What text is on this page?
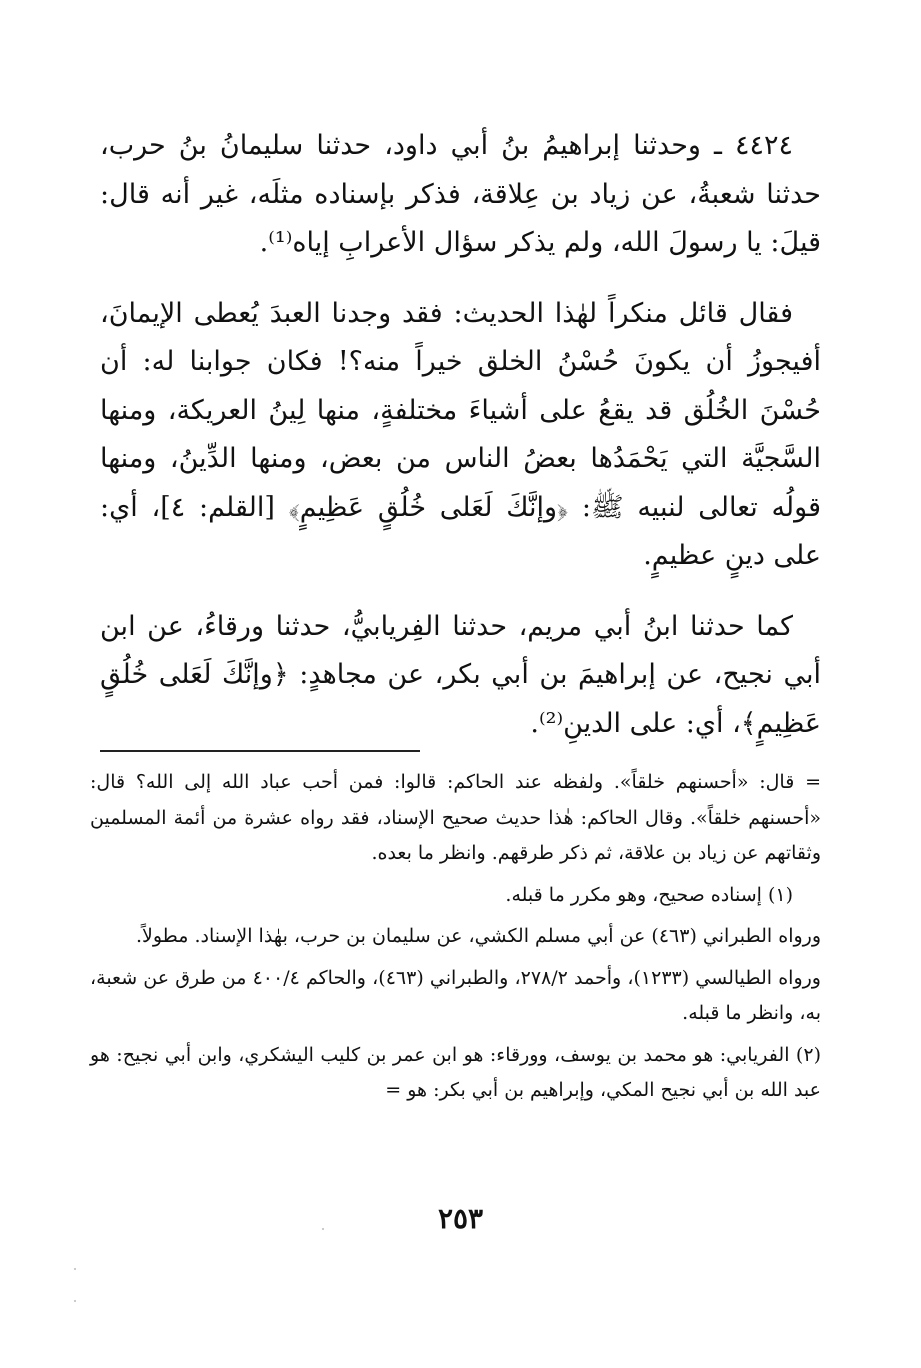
٤٤٢٤ ـ وحدثنا إبراهيمُ بنُ أبي داود، حدثنا سليمانُ بنُ حرب، حدثنا شعبةُ، عن زياد بن عِلاقة، فذكر بإسناده مثلَه، غير أنه قال: قيلَ: يا رسولَ الله، ولم يذكر سؤال الأعرابِ إياه⁽¹⁾.

فقال قائل منكراً لهٰذا الحديث: فقد وجدنا العبدَ يُعطى الإيمانَ، أفيجوزُ أن يكونَ حُسْنُ الخلق خيراً منه؟! فكان جوابنا له: أن حُسْنَ الخُلُق قد يقعُ على أشياءَ مختلفةٍ، منها لِينُ العريكة، ومنها السَّجيَّة التي يَحْمَدُها بعضُ الناس من بعض، ومنها الدِّينُ، ومنها قولُه تعالى لنبيه ﷺ: ﴿وإنَّكَ لَعَلى خُلُقٍ عَظِيمٍ﴾ [القلم: ٤]، أي: على دينٍ عظيمٍ.

كما حدثنا ابنُ أبي مريم، حدثنا الفِريابيُّ، حدثنا ورقاءُ، عن ابن أبي نجيح، عن إبراهيمَ بن أبي بكر، عن مجاهدٍ: ﴿وإنَّكَ لَعَلى خُلُقٍ عَظِيمٍ﴾، أي: على الدينِ⁽²⁾.

= قال: «أحسنهم خلقاً». ولفظه عند الحاكم: قالوا: فمن أحب عباد الله إلى الله؟ قال: «أحسنهم خلقاً». وقال الحاكم: هٰذا حديث صحيح الإسناد، فقد رواه عشرة من أئمة المسلمين وثقاتهم عن زياد بن علاقة، ثم ذكر طرقهم. وانظر ما بعده.

(١) إسناده صحيح، وهو مكرر ما قبله.

ورواه الطبراني (٤٦٣) عن أبي مسلم الكشي، عن سليمان بن حرب، بهٰذا الإسناد. مطولاً.

ورواه الطيالسي (١٢٣٣)، وأحمد ٢٧٨/٢، والطبراني (٤٦٣)، والحاكم ٤٠٠/٤ من طرق عن شعبة، به، وانظر ما قبله.

(٢) الفريابي: هو محمد بن يوسف، وورقاء: هو ابن عمر بن كليب اليشكري، وابن أبي نجيح: هو عبد الله بن أبي نجيح المكي، وإبراهيم بن أبي بكر: هو =

٢٥٣
